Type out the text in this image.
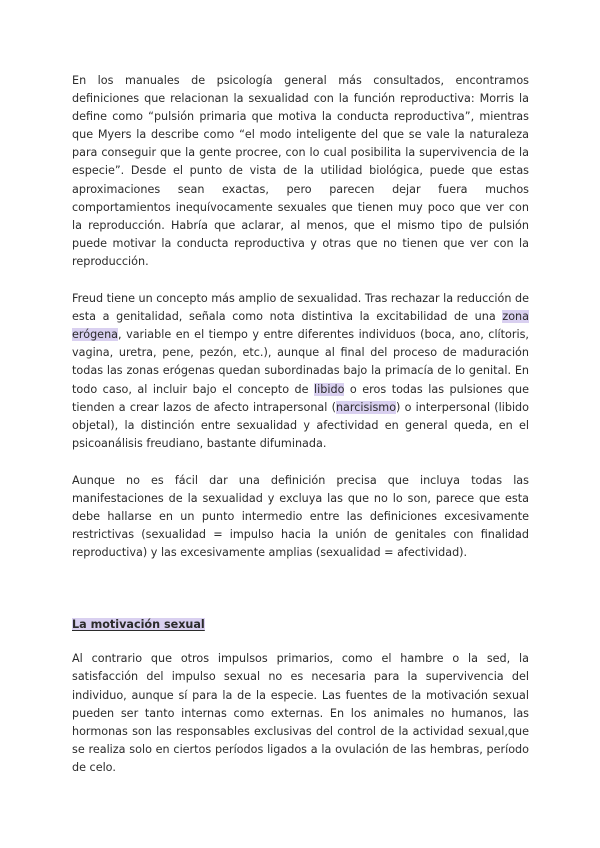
En los manuales de psicología general más consultados, encontramos definiciones que relacionan la sexualidad con la función reproductiva: Morris la define como “pulsión primaria que motiva la conducta reproductiva”, mientras que Myers la describe como “el modo inteligente del que se vale la naturaleza para conseguir que la gente procree, con lo cual posibilita la supervivencia de la especie”. Desde el punto de vista de la utilidad biológica, puede que estas aproximaciones sean exactas, pero parecen dejar fuera muchos comportamientos inequívocamente sexuales que tienen muy poco que ver con la reproducción. Habría que aclarar, al menos, que el mismo tipo de pulsión puede motivar la conducta reproductiva y otras que no tienen que ver con la reproducción.

Freud tiene un concepto más amplio de sexualidad. Tras rechazar la reducción de esta a genitalidad, señala como nota distintiva la excitabilidad de una zona erógena, variable en el tiempo y entre diferentes individuos (boca, ano, clítoris, vagina, uretra, pene, pezón, etc.), aunque al final del proceso de maduración todas las zonas erógenas quedan subordinadas bajo la primacía de lo genital. En todo caso, al incluir bajo el concepto de libido o eros todas las pulsiones que tienden a crear lazos de afecto intrapersonal (narcisismo) o interpersonal (libido objetal), la distinción entre sexualidad y afectividad en general queda, en el psicoanálisis freudiano, bastante difuminada.

Aunque no es fácil dar una definición precisa que incluya todas las manifestaciones de la sexualidad y excluya las que no lo son, parece que esta debe hallarse en un punto intermedio entre las definiciones excesivamente restrictivas (sexualidad = impulso hacia la unión de genitales con finalidad reproductiva) y las excesivamente amplias (sexualidad = afectividad).

La motivación sexual

Al contrario que otros impulsos primarios, como el hambre o la sed, la satisfacción del impulso sexual no es necesaria para la supervivencia del individuo, aunque sí para la de la especie. Las fuentes de la motivación sexual pueden ser tanto internas como externas. En los animales no humanos, las hormonas son las responsables exclusivas del control de la actividad sexual,que se realiza solo en ciertos períodos ligados a la ovulación de las hembras, período de celo.
